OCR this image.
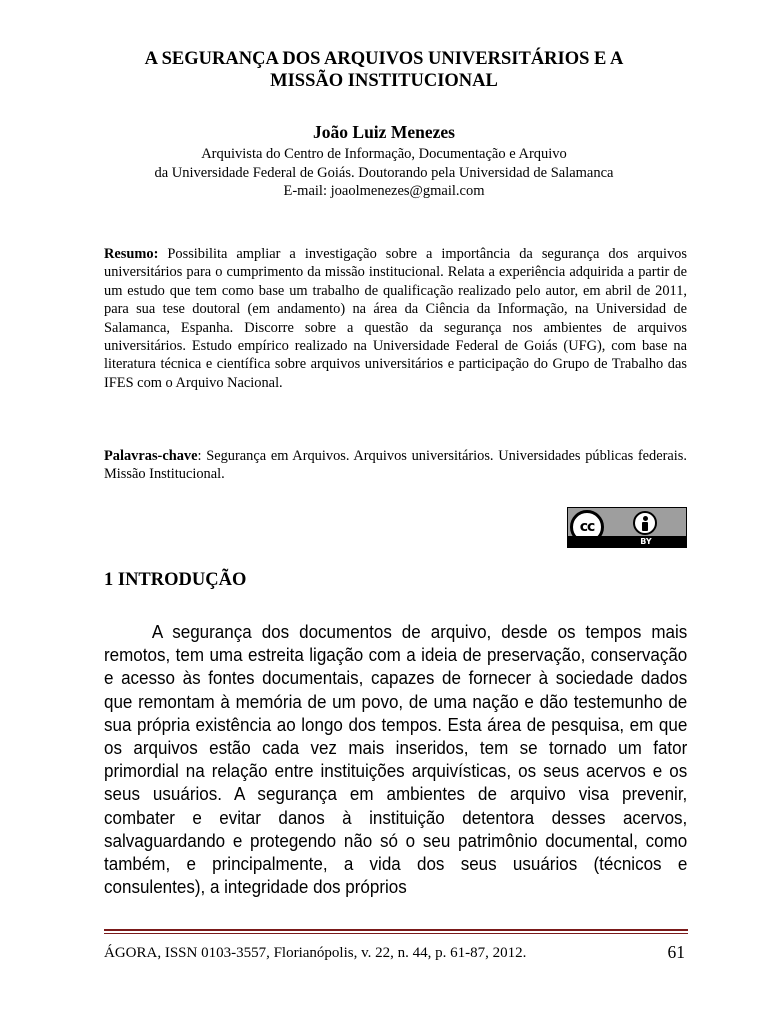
A SEGURANÇA DOS ARQUIVOS UNIVERSITÁRIOS E A
MISSÃO INSTITUCIONAL

João Luiz Menezes

Arquivista do Centro de Informação, Documentação e Arquivo
da Universidade Federal de Goiás. Doutorando pela Universidad de Salamanca
E-mail: joaolmenezes@gmail.com

Resumo: Possibilita ampliar a investigação sobre a importância da segurança dos arquivos universitários para o cumprimento da missão institucional. Relata a experiência adquirida a partir de um estudo que tem como base um trabalho de qualificação realizado pelo autor, em abril de 2011, para sua tese doutoral (em andamento) na área da Ciência da Informação, na Universidad de Salamanca, Espanha. Discorre sobre a questão da segurança nos ambientes de arquivos universitários. Estudo empírico realizado na Universidade Federal de Goiás (UFG), com base na literatura técnica e científica sobre arquivos universitários e participação do Grupo de Trabalho das IFES com o Arquivo Nacional.

Palavras-chave: Segurança em Arquivos. Arquivos universitários. Universidades públicas federais. Missão Institucional.

cc
BY
1 INTRODUÇÃO

A segurança dos documentos de arquivo, desde os tempos mais remotos, tem uma estreita ligação com a ideia de preservação, conservação e acesso às fontes documentais, capazes de fornecer à sociedade dados que remontam à memória de um povo, de uma nação e dão testemunho de sua própria existência ao longo dos tempos. Esta área de pesquisa, em que os arquivos estão cada vez mais inseridos, tem se tornado um fator primordial na relação entre instituições arquivísticas, os seus acervos e os seus usuários. A segurança em ambientes de arquivo visa prevenir, combater e evitar danos à instituição detentora desses acervos, salvaguardando e protegendo não só o seu patrimônio documental, como também, e principalmente, a vida dos seus usuários (técnicos e consulentes), a integridade dos próprios

ÁGORA, ISSN 0103-3557, Florianópolis, v. 22, n. 44, p. 61-87, 2012.	61
